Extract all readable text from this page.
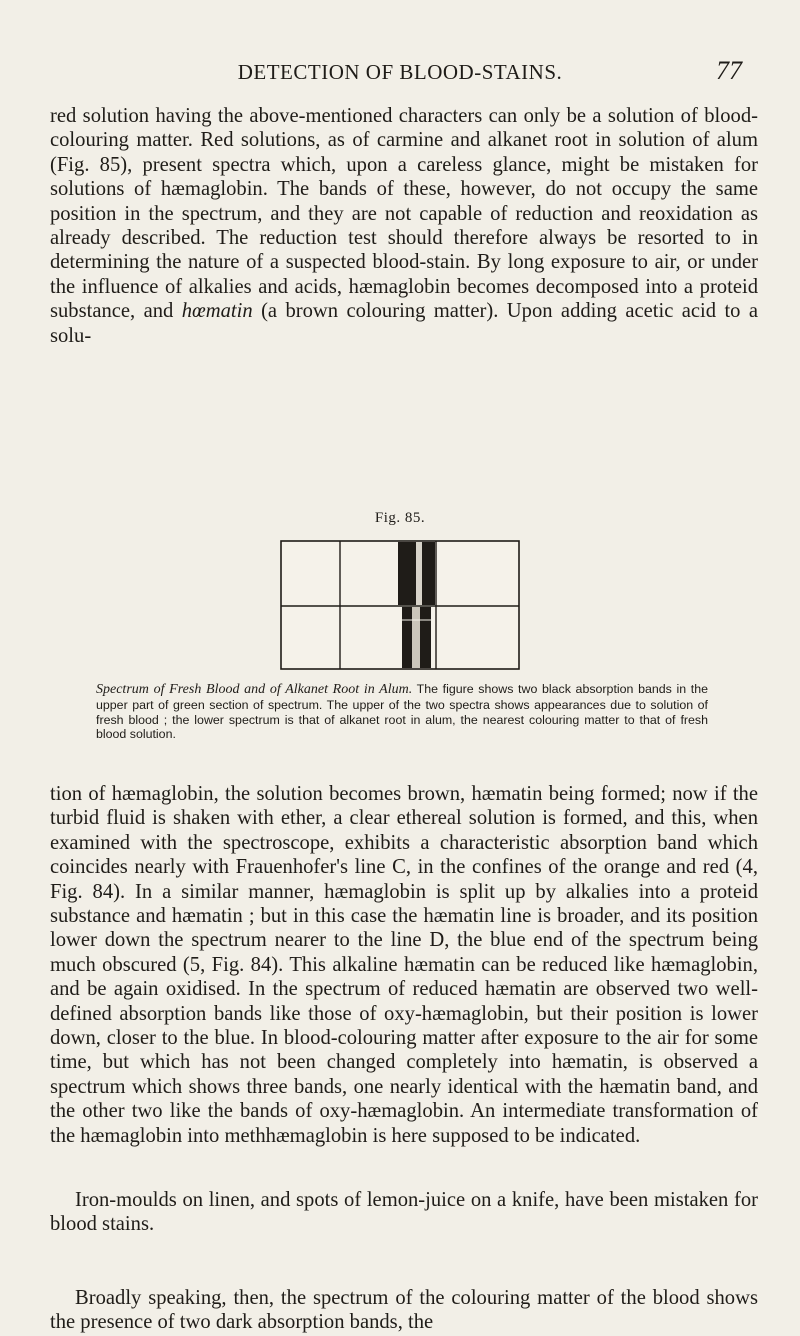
DETECTION OF BLOOD-STAINS.	77

red solution having the above-mentioned characters can only be a solution of blood-colouring matter. Red solutions, as of carmine and alkanet root in solution of alum (Fig. 85), present spectra which, upon a careless glance, might be mistaken for solutions of hæmaglobin. The bands of these, however, do not occupy the same position in the spectrum, and they are not capable of reduction and reoxidation as already described. The reduction test should therefore always be resorted to in determining the nature of a suspected blood-stain. By long exposure to air, or under the influence of alkalies and acids, hæmaglobin becomes decomposed into a proteid substance, and hœmatin (a brown colouring matter). Upon adding acetic acid to a solu-

Fig. 85.

Spectrum of Fresh Blood and of Alkanet Root in Alum. The figure shows two black absorption bands in the upper part of green section of spectrum. The upper of the two spectra shows appearances due to solution of fresh blood ; the lower spectrum is that of alkanet root in alum, the nearest colouring matter to that of fresh blood solution.

tion of hæmaglobin, the solution becomes brown, hæmatin being formed; now if the turbid fluid is shaken with ether, a clear ethereal solution is formed, and this, when examined with the spectroscope, exhibits a characteristic absorption band which coincides nearly with Frauenhofer's line C, in the confines of the orange and red (4, Fig. 84). In a similar manner, hæmaglobin is split up by alkalies into a proteid substance and hæmatin ; but in this case the hæmatin line is broader, and its position lower down the spectrum nearer to the line D, the blue end of the spectrum being much obscured (5, Fig. 84). This alkaline hæmatin can be reduced like hæmaglobin, and be again oxidised. In the spectrum of reduced hæmatin are observed two well-defined absorption bands like those of oxy-hæmaglobin, but their position is lower down, closer to the blue. In blood-colouring matter after exposure to the air for some time, but which has not been changed completely into hæmatin, is observed a spectrum which shows three bands, one nearly identical with the hæmatin band, and the other two like the bands of oxy-hæmaglobin. An intermediate transformation of the hæmaglobin into methhæmaglobin is here supposed to be indicated.

Iron-moulds on linen, and spots of lemon-juice on a knife, have been mistaken for blood stains.

Broadly speaking, then, the spectrum of the colouring matter of the blood shows the presence of two dark absorption bands, the
